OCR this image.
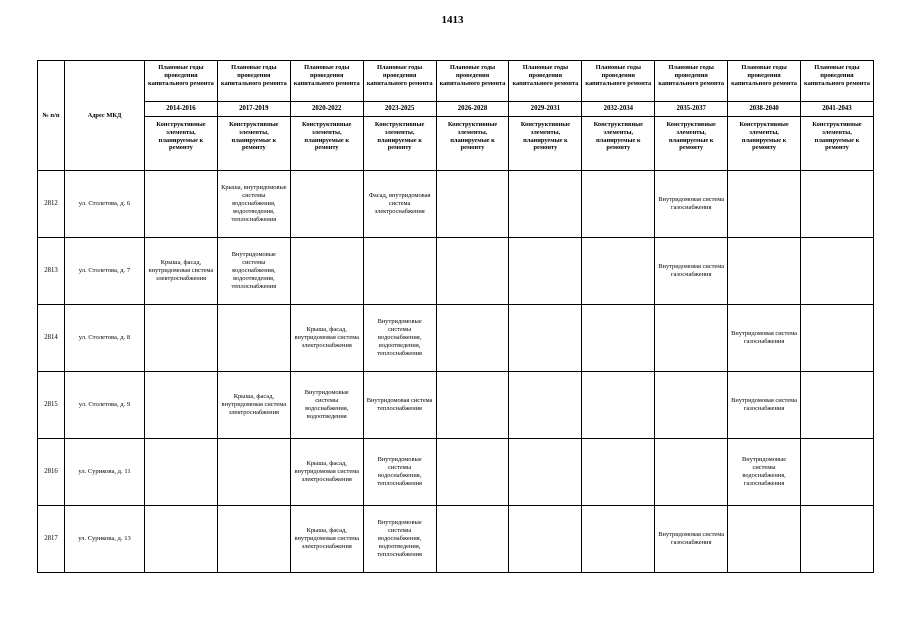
1413
№ п/п	Адрес МКД	Плановые годы проведения капитального ремонта	Плановые годы проведения капитального ремонта	Плановые годы проведения капитального ремонта	Плановые годы проведения капитального ремонта	Плановые годы проведения капитального ремонта	Плановые годы проведения капитального ремонта	Плановые годы проведения капитального ремонта	Плановые годы проведения капитального ремонта	Плановые годы проведения капитального ремонта	Плановые годы проведения капитального ремонта
		2014-2016	2017-2019	2020-2022	2023-2025	2026-2028	2029-2031	2032-2034	2035-2037	2038-2040	2041-2043
		Конструктивные элементы, планируемые к ремонту	Конструктивные элементы, планируемые к ремонту	Конструктивные элементы, планируемые к ремонту	Конструктивные элементы, планируемые к ремонту	Конструктивные элементы, планируемые к ремонту	Конструктивные элементы, планируемые к ремонту	Конструктивные элементы, планируемые к ремонту	Конструктивные элементы, планируемые к ремонту	Конструктивные элементы, планируемые к ремонту	Конструктивные элементы, планируемые к ремонту
2812	ул. Столетова, д. 6		Крыша, внутридомовые системы водоснабжения, водоотведения, теплоснабжения		Фасад, внутридомовая система электроснабжения				Внутридомовая система газоснабжения		
2813	ул. Столетова, д. 7	Крыша, фасад, внутридомовая система электроснабжения	Внутридомовые системы водоснабжения, водоотведения, теплоснабжения						Внутридомовая система газоснабжения		
2814	ул. Столетова, д. 8			Крыша, фасад, внутридомовая система электроснабжения	Внутридомовые системы водоснабжения, водоотведения, теплоснабжения					Внутридомовая система газоснабжения	
2815	ул. Столетова, д. 9		Крыша, фасад, внутридомовая система электроснабжения	Внутридомовые системы водоснабжения, водоотведения	Внутридомовая система теплоснабжения					Внутридомовая система газоснабжения	
2816	ул. Сурикова, д. 11			Крыша, фасад, внутридомовая система электроснабжения	Внутридомовые системы водоснабжения, теплоснабжения					Внутридомовые системы водоснабжения, газоснабжения	
2817	ул. Сурикова, д. 13			Крыша, фасад, внутридомовая система электроснабжения	Внутридомовые системы водоснабжения, водоотведения, теплоснабжения				Внутридомовая система газоснабжения		
